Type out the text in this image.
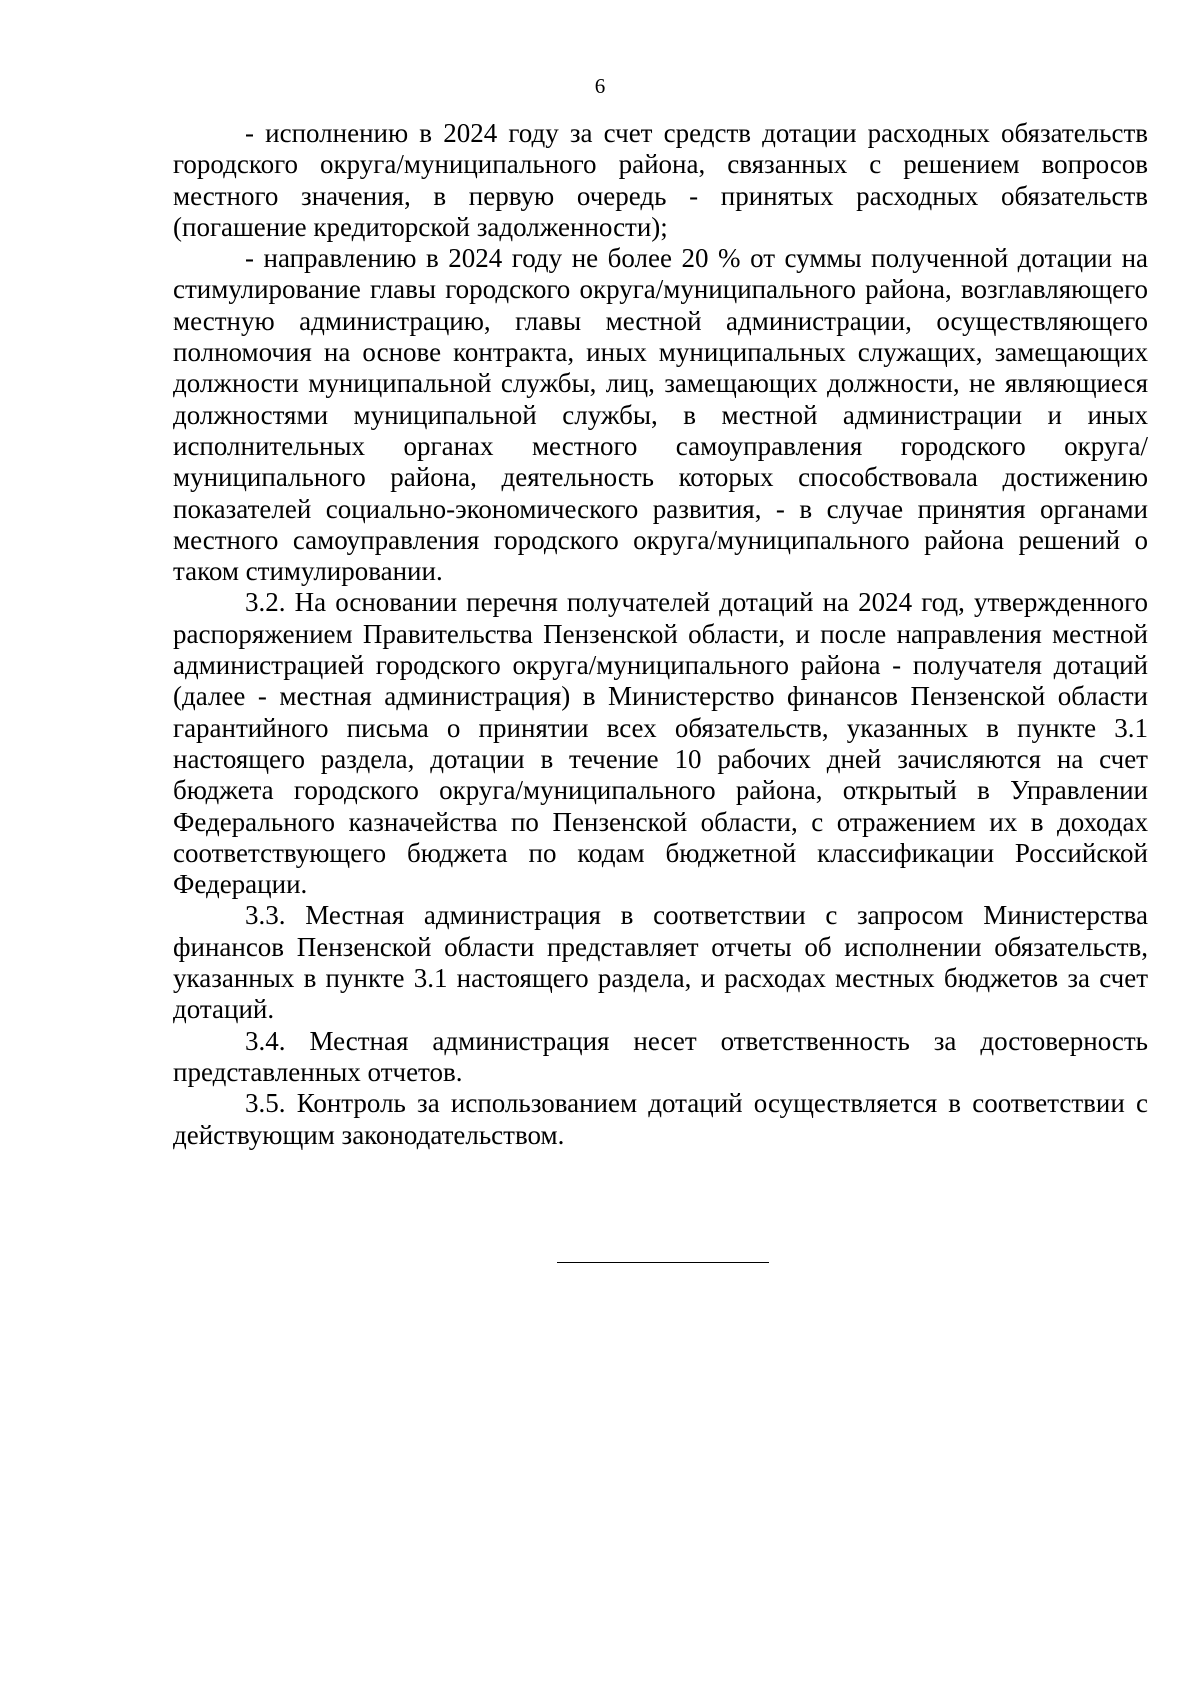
6

- исполнению в 2024 году за счет средств дотации расходных обязательств городского округа/муниципального района, связанных с решением вопросов местного значения, в первую очередь - принятых расходных обязательств (погашение кредиторской задолженности);

- направлению в 2024 году не более 20 % от суммы полученной дотации на стимулирование главы городского округа/муниципального района, возглавляющего местную администрацию, главы местной администрации, осуществляющего полномочия на основе контракта, иных муниципальных служащих, замещающих должности муниципальной службы, лиц, замещающих должности, не являющиеся должностями муниципальной службы, в местной администрации и иных исполнительных органах местного самоуправления городского округа/муниципального района, деятельность которых способствовала достижению показателей социально-экономического развития, - в случае принятия органами местного самоуправления городского округа/муниципального района решений о таком стимулировании.

3.2. На основании перечня получателей дотаций на 2024 год, утвержденного распоряжением Правительства Пензенской области, и после направления местной администрацией городского округа/муниципального района - получателя дотаций (далее - местная администрация) в Министерство финансов Пензенской области гарантийного письма о принятии всех обязательств, указанных в пункте 3.1 настоящего раздела, дотации в течение 10 рабочих дней зачисляются на счет бюджета городского округа/муниципального района, открытый в Управлении Федерального казначейства по Пензенской области, с отражением их в доходах соответствующего бюджета по кодам бюджетной классификации Российской Федерации.

3.3. Местная администрация в соответствии с запросом Министерства финансов Пензенской области представляет отчеты об исполнении обязательств, указанных в пункте 3.1 настоящего раздела, и расходах местных бюджетов за счет дотаций.

3.4. Местная администрация несет ответственность за достоверность представленных отчетов.

3.5. Контроль за использованием дотаций осуществляется в соответствии с действующим законодательством.
